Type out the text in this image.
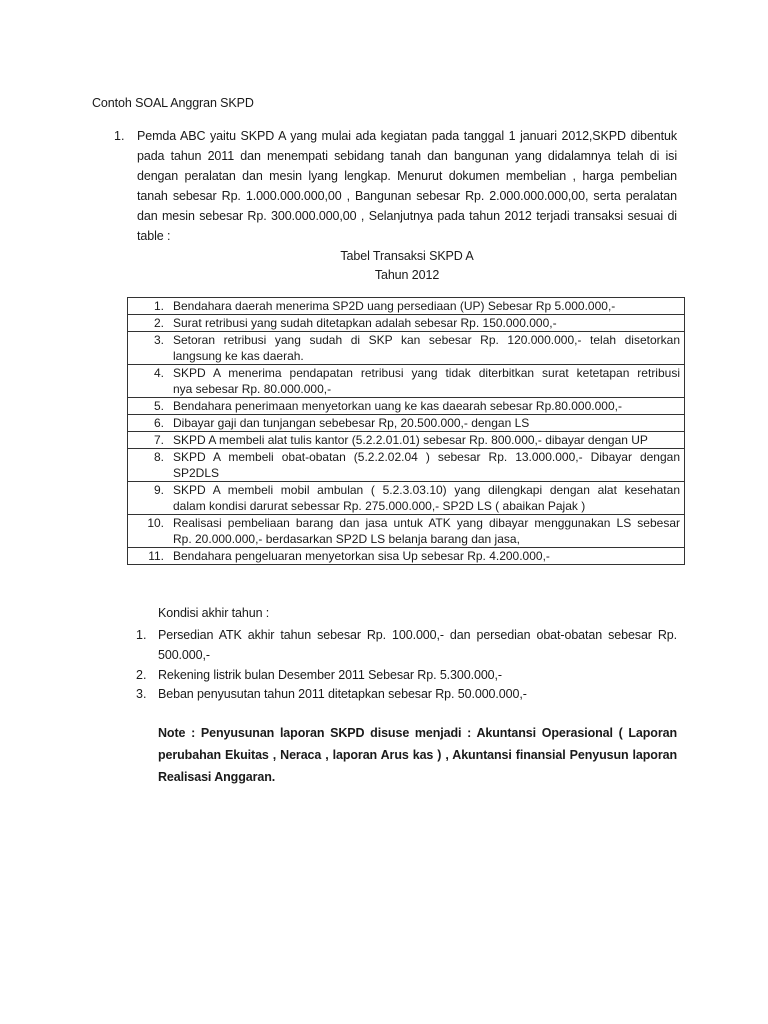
Contoh SOAL Anggran SKPD
1. Pemda ABC yaitu SKPD A yang mulai ada kegiatan pada tanggal 1 januari 2012,SKPD dibentuk
pada tahun 2011 dan menempati sebidang tanah dan bangunan yang didalamnya telah di isi
dengan peralatan dan mesin lyang lengkap. Menurut dokumen membelian , harga pembelian
tanah sebesar Rp. 1.000.000.000,00 , Bangunan sebesar Rp. 2.000.000.000,00, serta peralatan
dan mesin sebesar Rp. 300.000.000,00 , Selanjutnya pada tahun 2012 terjadi transaksi sesuai di
table :
Tabel Transaksi SKPD A
Tahun 2012
1. Bendahara daerah menerima SP2D uang persediaan (UP) Sebesar Rp 5.000.000,-

2. Surat retribusi yang sudah ditetapkan adalah sebesar Rp. 150.000.000,-

3. Setoran retribusi yang sudah di SKP kan sebesar Rp. 120.000.000,- telah disetorkan
langsung ke kas daerah.

4. SKPD A menerima pendapatan retribusi yang tidak diterbitkan surat ketetapan retribusi
nya sebesar Rp. 80.000.000,-

5. Bendahara penerimaan menyetorkan uang ke kas daearah sebesar Rp.80.000.000,-

6. Dibayar gaji dan tunjangan sebebesar Rp, 20.500.000,- dengan LS

7. SKPD A membeli alat tulis kantor (5.2.2.01.01) sebesar Rp. 800.000,- dibayar dengan UP

8. SKPD A membeli obat-obatan (5.2.2.02.04 ) sebesar Rp. 13.000.000,- Dibayar dengan
SP2DLS

9. SKPD A membeli mobil ambulan ( 5.2.3.03.10) yang dilengkapi dengan alat kesehatan
dalam kondisi darurat sebessar Rp. 275.000.000,- SP2D LS ( abaikan Pajak )

10. Realisasi pembeliaan barang dan jasa untuk ATK yang dibayar menggunakan LS sebesar
Rp. 20.000.000,- berdasarkan SP2D LS belanja barang dan jasa,

11. Bendahara pengeluaran menyetorkan sisa Up sebesar Rp. 4.200.000,-
Kondisi akhir tahun :
1. Persedian ATK akhir tahun sebesar Rp. 100.000,- dan persedian obat-obatan sebesar Rp.
500.000,-
2. Rekening listrik bulan Desember 2011 Sebesar Rp. 5.300.000,-
3. Beban penyusutan tahun 2011 ditetapkan sebesar Rp. 50.000.000,-
Note : Penyusunan laporan SKPD disuse menjadi : Akuntansi Operasional ( Laporan
perubahan Ekuitas , Neraca , laporan Arus kas ) , Akuntansi finansial Penyusun laporan
Realisasi Anggaran.
